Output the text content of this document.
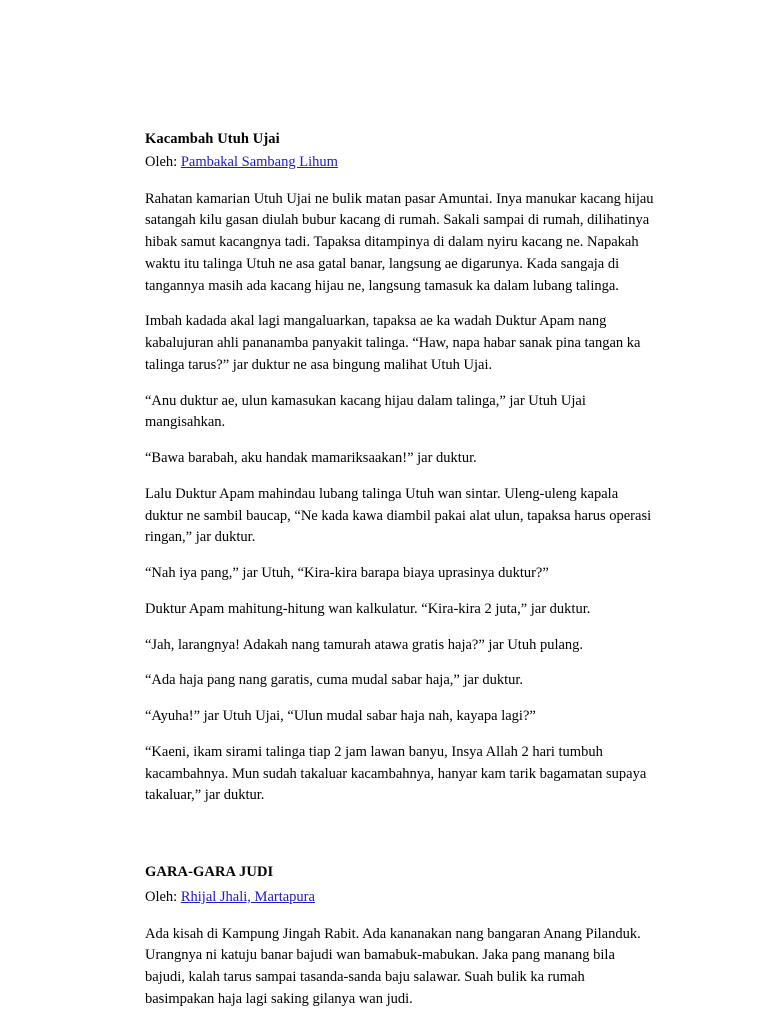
Kacambah Utuh Ujai
Oleh: Pambakal Sambang Lihum

Rahatan kamarian Utuh Ujai ne bulik matan pasar Amuntai. Inya manukar kacang hijau satangah kilu gasan diulah bubur kacang di rumah. Sakali sampai di rumah, dilihatinya hibak samut kacangnya tadi. Tapaksa ditampinya di dalam nyiru kacang ne. Napakah waktu itu talinga Utuh ne asa gatal banar, langsung ae digarunya. Kada sangaja di tangannya masih ada kacang hijau ne, langsung tamasuk ka dalam lubang talinga.

Imbah kadada akal lagi mangaluarkan, tapaksa ae ka wadah Duktur Apam nang kabalujuran ahli pananamba panyakit talinga. “Haw, napa habar sanak pina tangan ka talinga tarus?” jar duktur ne asa bingung malihat Utuh Ujai.

“Anu duktur ae, ulun kamasukan kacang hijau dalam talinga,” jar Utuh Ujai mangisahkan.

“Bawa barabah, aku handak mamariksaakan!” jar duktur.

Lalu Duktur Apam mahindau lubang talinga Utuh wan sintar. Uleng-uleng kapala duktur ne sambil baucap, “Ne kada kawa diambil pakai alat ulun, tapaksa harus operasi ringan,” jar duktur.

“Nah iya pang,” jar Utuh, “Kira-kira barapa biaya uprasinya duktur?”

Duktur Apam mahitung-hitung wan kalkulatur. “Kira-kira 2 juta,” jar duktur.

“Jah, larangnya! Adakah nang tamurah atawa gratis haja?” jar Utuh pulang.

“Ada haja pang nang garatis, cuma mudal sabar haja,” jar duktur.

“Ayuha!” jar Utuh Ujai, “Ulun mudal sabar haja nah, kayapa lagi?”

“Kaeni, ikam sirami talinga tiap 2 jam lawan banyu, Insya Allah 2 hari tumbuh kacambahnya. Mun sudah takaluar kacambahnya, hanyar kam tarik bagamatan supaya takaluar,” jar duktur.

GARA-GARA JUDI
Oleh: Rhijal Jhali, Martapura

Ada kisah di Kampung Jingah Rabit. Ada kananakan nang bangaran Anang Pilanduk. Urangnya ni katuju banar bajudi wan bamabuk-mabukan. Jaka pang manang bila bajudi, kalah tarus sampai tasanda-sanda baju salawar. Suah bulik ka rumah basimpakan haja lagi saking gilanya wan judi.
